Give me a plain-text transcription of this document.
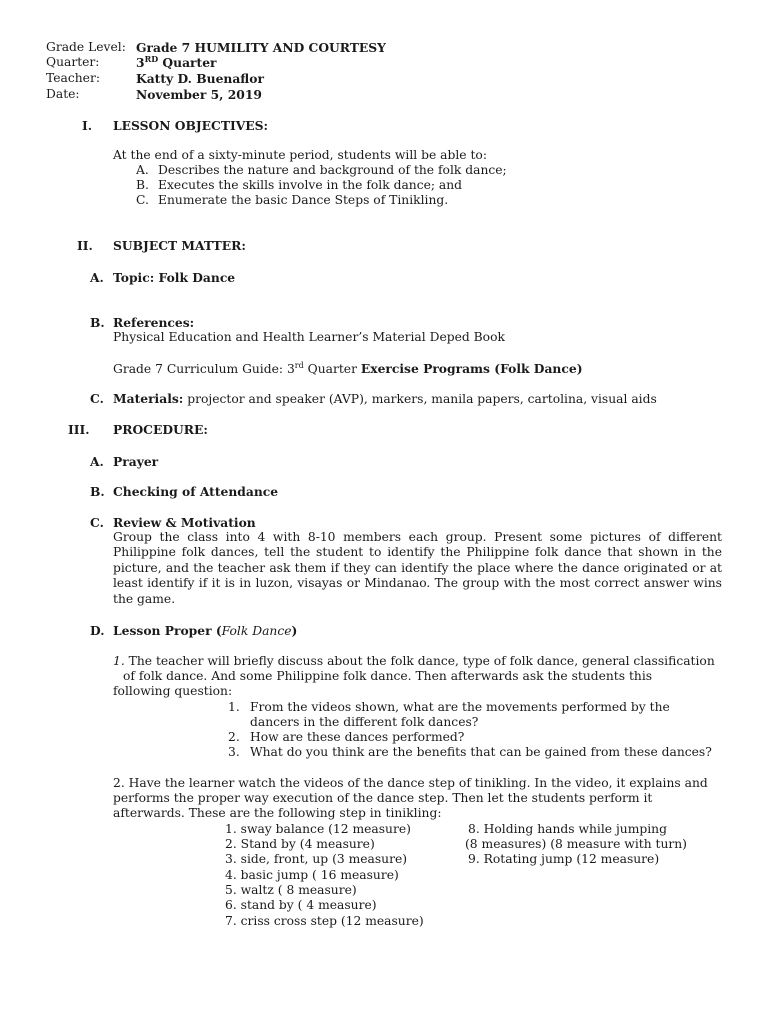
Grade Level: Grade 7 HUMILITY AND COURTESY
Quarter:	3RD Quarter
Teacher:	Katty D. Buenaflor
Date:	November 5, 2019
I. LESSON OBJECTIVES:
At the end of a sixty-minute period, students will be able to:
A. Describes the nature and background of the folk dance;
B. Executes the skills involve in the folk dance; and
C. Enumerate the basic Dance Steps of Tinikling.
II. SUBJECT MATTER:
A. Topic: Folk Dance
B. References:
Physical Education and Health Learner’s Material Deped Book
Grade 7 Curriculum Guide: 3rd Quarter Exercise Programs (Folk Dance)
C. Materials: projector and speaker (AVP), markers, manila papers, cartolina, visual aids
III. PROCEDURE:
A. Prayer
B. Checking of Attendance
C. Review & Motivation
Group the class into 4 with 8-10 members each group. Present some pictures of different Philippine folk dances, tell the student to identify the Philippine folk dance that shown in the picture, and the teacher ask them if they can identify the place where the dance originated or at least identify if it is in luzon, visayas or Mindanao. The group with the most correct answer wins the game.
D. Lesson Proper (Folk Dance)
1. The teacher will briefly discuss about the folk dance, type of folk dance, general classification
of folk dance. And some Philippine folk dance. Then afterwards ask the students this
following question:
1. From the videos shown, what are the movements performed by the
dancers in the different folk dances?
2. How are these dances performed?
3. What do you think are the benefits that can be gained from these dances?
2. Have the learner watch the videos of the dance step of tinikling. In the video, it explains and
performs the proper way execution of the dance step. Then let the students perform it
afterwards. These are the following step in tinikling:
1. sway balance (12 measure)
2. Stand by (4 measure)
3. side, front, up (3 measure)
4. basic jump ( 16 measure)
5. waltz ( 8 measure)
6. stand by ( 4 measure)
7. criss cross step (12 measure)
8. Holding hands while jumping
(8 measures) (8 measure with turn)
9. Rotating jump (12 measure)
